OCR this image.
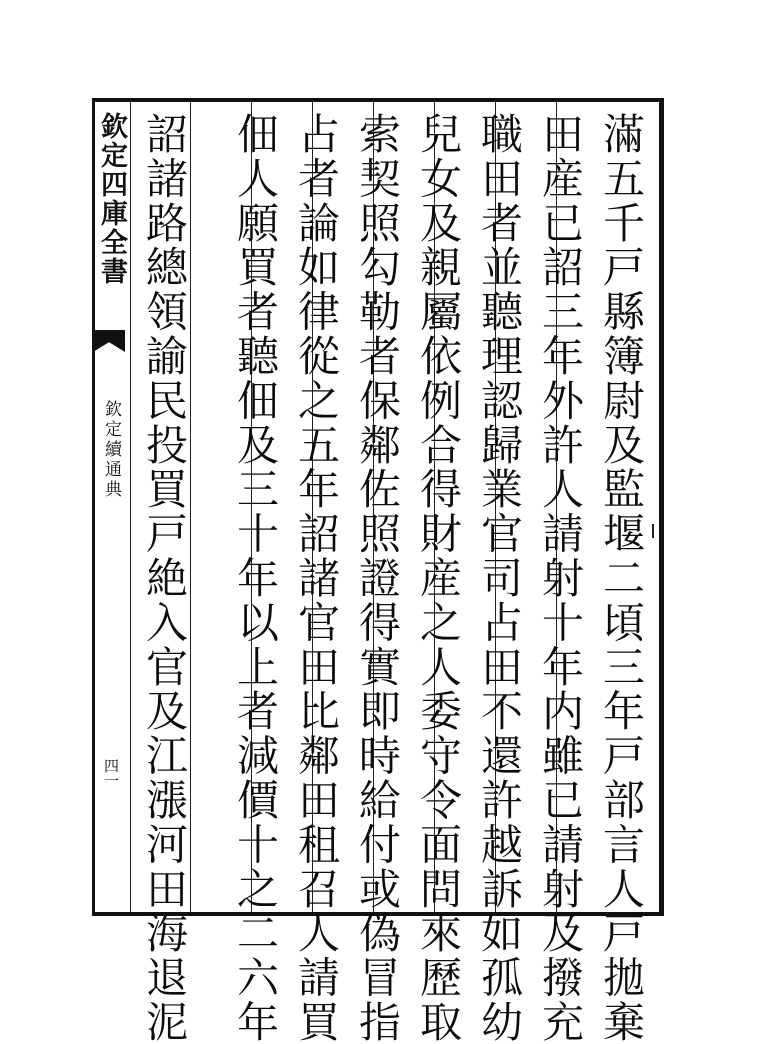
欽定四庫全書
欽定續通典
四一	滿五千戸縣簿尉及監堰二頃三年戸部言人戸拋棄
田産已詔三年外許人請射十年内雖已請射及撥充
職田者並聽理認歸業官司占田不還許越訴如孤幼
兒女及親屬依例合得財産之人委守令面問來歷取
索契照勾勒者保鄰佐照證得實即時給付或偽冒指
占者論如律從之五年詔諸官田比鄰田租召人請買
佃人願買者聽佃及三十年以上者減價十之二六年
詔諸路總領諭民投買戸絶入官及江漲河田海退泥
